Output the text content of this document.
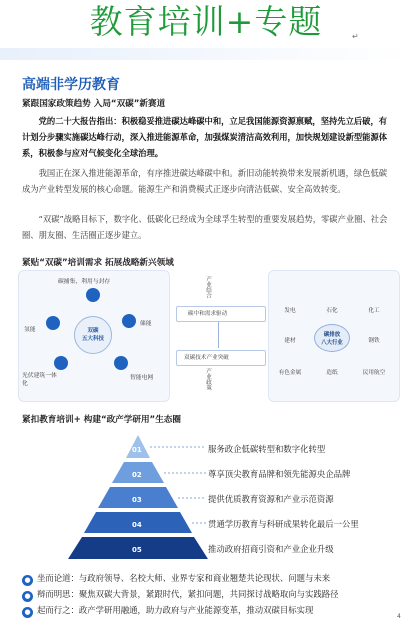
教育培训+专题	↵
高端非学历教育
紧跟国家政策趋势 入局“双碳”新赛道
党的二十大报告指出：积极稳妥推进碳达峰碳中和，立足我国能源资源禀赋，坚持先立后破，有计划分步骤实施碳达峰行动，深入推进能源革命，加强煤炭清洁高效利用，加快规划建设新型能源体系，积极参与应对气候变化全球治理。
我国正在深入推进能源革命，有序推进碳达峰碳中和。新旧动能转换带来发展新机遇，绿色低碳成为产业转型发展的核心命题。能源生产和消费模式正逐步向清洁低碳、安全高效转变。
“双碳”战略目标下，数字化、低碳化已经成为全球孚生转型的重要发展趋势，零碳产业圈、社会圈、朋友圈、生活圈正逐步建立。
紧贴“双碳”培训需求 拓展战略新兴领域
双碳
五大科技
碳捕集、利用与封存
储能
智能电网
光伏建筑一体化
氢能
产业结合
碳中和需求驱动
双碳技术产业突破
产业政策
发电	石化	化工
建材
碳排放
八大行业	钢铁
有色金属	造纸	民用航空
紧扣教育培训+ 构建“政产学研用”生态圈
01
02
03
04
05
服务政企低碳转型和数字化转型
尊享顶尖教育品牌和领先能源央企品牌
提供优质教育资源和产业示范资源
贯通学历教育与科研成果转化最后一公里
推动政府招商引资和产业企业升级
● 坐而论道：与政府领导、名校大师、业界专家和商业翘楚共论现状、问题与未来
● 辩而明思：聚焦双碳大背景，紧跟时代，紧扣问题，共同探讨战略取向与实践路径
● 起而行之：政产学研用融通，助力政府与产业能源变革，推动双碳目标实现
4
